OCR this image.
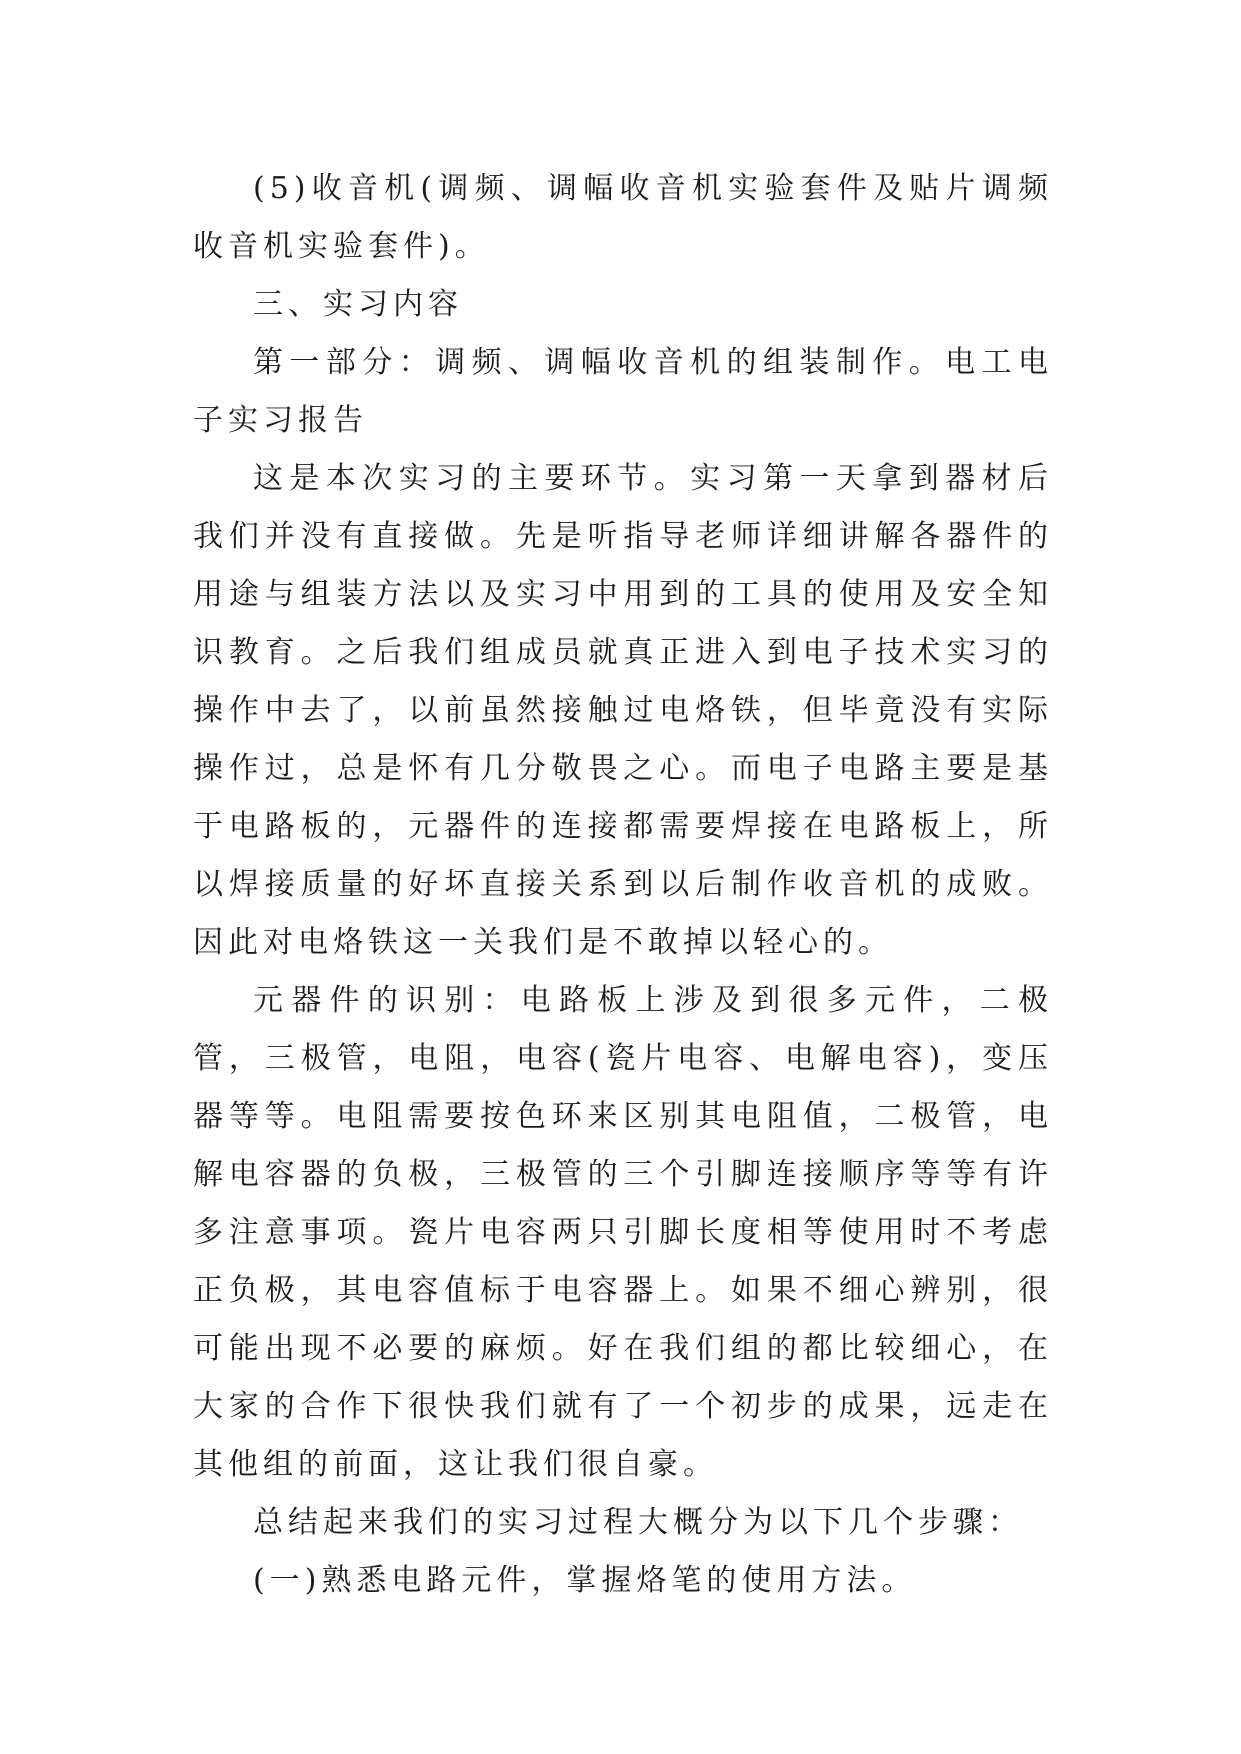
(5)收音机(调频、调幅收音机实验套件及贴片调频收音机实验套件)。

三、实习内容

第一部分：调频、调幅收音机的组装制作。电工电子实习报告

这是本次实习的主要环节。实习第一天拿到器材后我们并没有直接做。先是听指导老师详细讲解各器件的用途与组装方法以及实习中用到的工具的使用及安全知识教育。之后我们组成员就真正进入到电子技术实习的操作中去了，以前虽然接触过电烙铁，但毕竟没有实际操作过，总是怀有几分敬畏之心。而电子电路主要是基于电路板的，元器件的连接都需要焊接在电路板上，所以焊接质量的好坏直接关系到以后制作收音机的成败。因此对电烙铁这一关我们是不敢掉以轻心的。

元器件的识别：电路板上涉及到很多元件，二极管，三极管，电阻，电容(瓷片电容、电解电容)，变压器等等。电阻需要按色环来区别其电阻值，二极管，电解电容器的负极，三极管的三个引脚连接顺序等等有许多注意事项。瓷片电容两只引脚长度相等使用时不考虑正负极，其电容值标于电容器上。如果不细心辨别，很可能出现不必要的麻烦。好在我们组的都比较细心，在大家的合作下很快我们就有了一个初步的成果，远走在其他组的前面，这让我们很自豪。

总结起来我们的实习过程大概分为以下几个步骤：

(一)熟悉电路元件，掌握烙笔的使用方法。
